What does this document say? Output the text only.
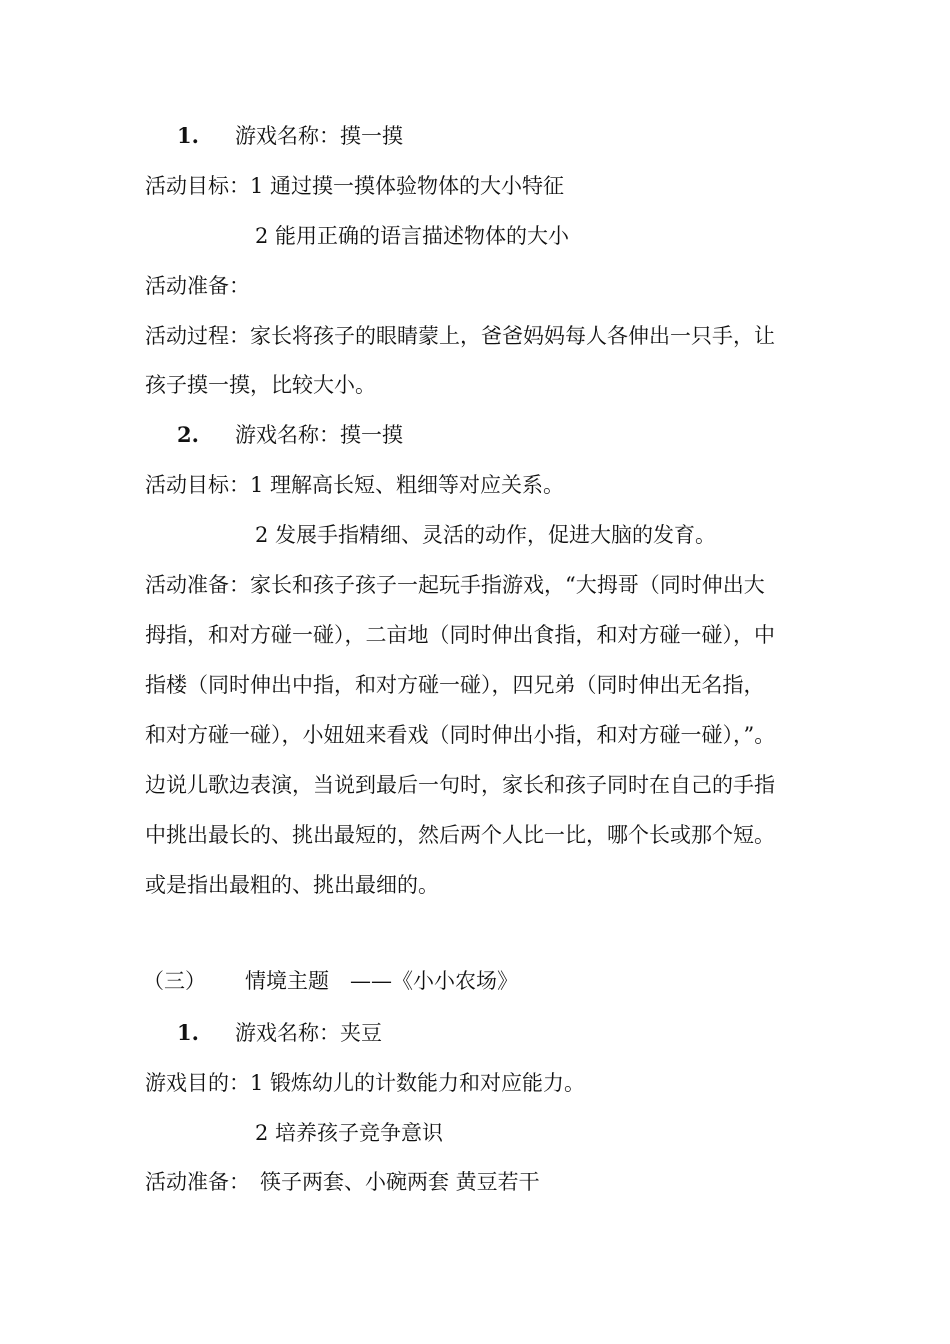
1. 游戏名称：摸一摸
活动目标：1 通过摸一摸体验物体的大小特征
2 能用正确的语言描述物体的大小
活动准备：
活动过程：家长将孩子的眼睛蒙上，爸爸妈妈每人各伸出一只手，让
孩子摸一摸，比较大小。
2. 游戏名称：摸一摸
活动目标：1 理解高长短、粗细等对应关系。
2 发展手指精细、灵活的动作，促进大脑的发育。
活动准备：家长和孩子孩子一起玩手指游戏，“大拇哥（同时伸出大
拇指，和对方碰一碰），二亩地（同时伸出食指，和对方碰一碰），中
指楼（同时伸出中指，和对方碰一碰），四兄弟（同时伸出无名指，
和对方碰一碰），小妞妞来看戏（同时伸出小指，和对方碰一碰），”。
边说儿歌边表演，当说到最后一句时，家长和孩子同时在自己的手指
中挑出最长的、挑出最短的，然后两个人比一比，哪个长或那个短。
或是指出最粗的、挑出最细的。
（三） 情境主题　——《小小农场》
1. 游戏名称：夹豆
游戏目的：1 锻炼幼儿的计数能力和对应能力。
2 培养孩子竞争意识
活动准备： 筷子两套、小碗两套 黄豆若干
